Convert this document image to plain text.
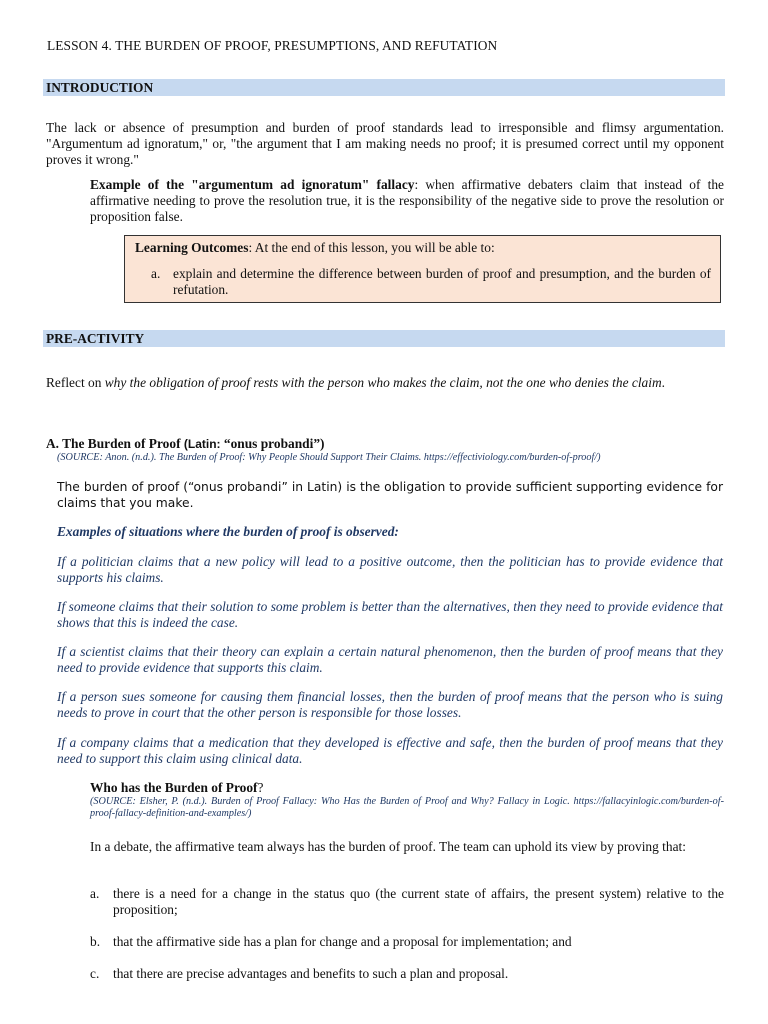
LESSON 4. THE BURDEN OF PROOF, PRESUMPTIONS, AND REFUTATION
INTRODUCTION
The lack or absence of presumption and burden of proof standards lead to irresponsible and flimsy argumentation. "Argumentum ad ignoratum," or, "the argument that I am making needs no proof; it is presumed correct until my opponent proves it wrong."
Example of the "argumentum ad ignoratum" fallacy: when affirmative debaters claim that instead of the affirmative needing to prove the resolution true, it is the responsibility of the negative side to prove the resolution or proposition false.
Learning Outcomes: At the end of this lesson, you will be able to:
a. explain and determine the difference between burden of proof and presumption, and the burden of refutation.
PRE-ACTIVITY
Reflect on why the obligation of proof rests with the person who makes the claim, not the one who denies the claim.
A. The Burden of Proof (Latin: “onus probandi”)
(SOURCE: Anon. (n.d.). The Burden of Proof: Why People Should Support Their Claims. https://effectiviology.com/burden-of-proof/)
The burden of proof (“onus probandi” in Latin) is the obligation to provide sufficient supporting evidence for claims that you make.
Examples of situations where the burden of proof is observed:
If a politician claims that a new policy will lead to a positive outcome, then the politician has to provide evidence that supports his claims.
If someone claims that their solution to some problem is better than the alternatives, then they need to provide evidence that shows that this is indeed the case.
If a scientist claims that their theory can explain a certain natural phenomenon, then the burden of proof means that they need to provide evidence that supports this claim.
If a person sues someone for causing them financial losses, then the burden of proof means that the person who is suing needs to prove in court that the other person is responsible for those losses.
If a company claims that a medication that they developed is effective and safe, then the burden of proof means that they need to support this claim using clinical data.
Who has the Burden of Proof?
(SOURCE: Elsher, P. (n.d.). Burden of Proof Fallacy: Who Has the Burden of Proof and Why? Fallacy in Logic. https://fallacyinlogic.com/burden-of-proof-fallacy-definition-and-examples/)
In a debate, the affirmative team always has the burden of proof. The team can uphold its view by proving that:
a. there is a need for a change in the status quo (the current state of affairs, the present system) relative to the proposition;
b. that the affirmative side has a plan for change and a proposal for implementation; and
c. that there are precise advantages and benefits to such a plan and proposal.
